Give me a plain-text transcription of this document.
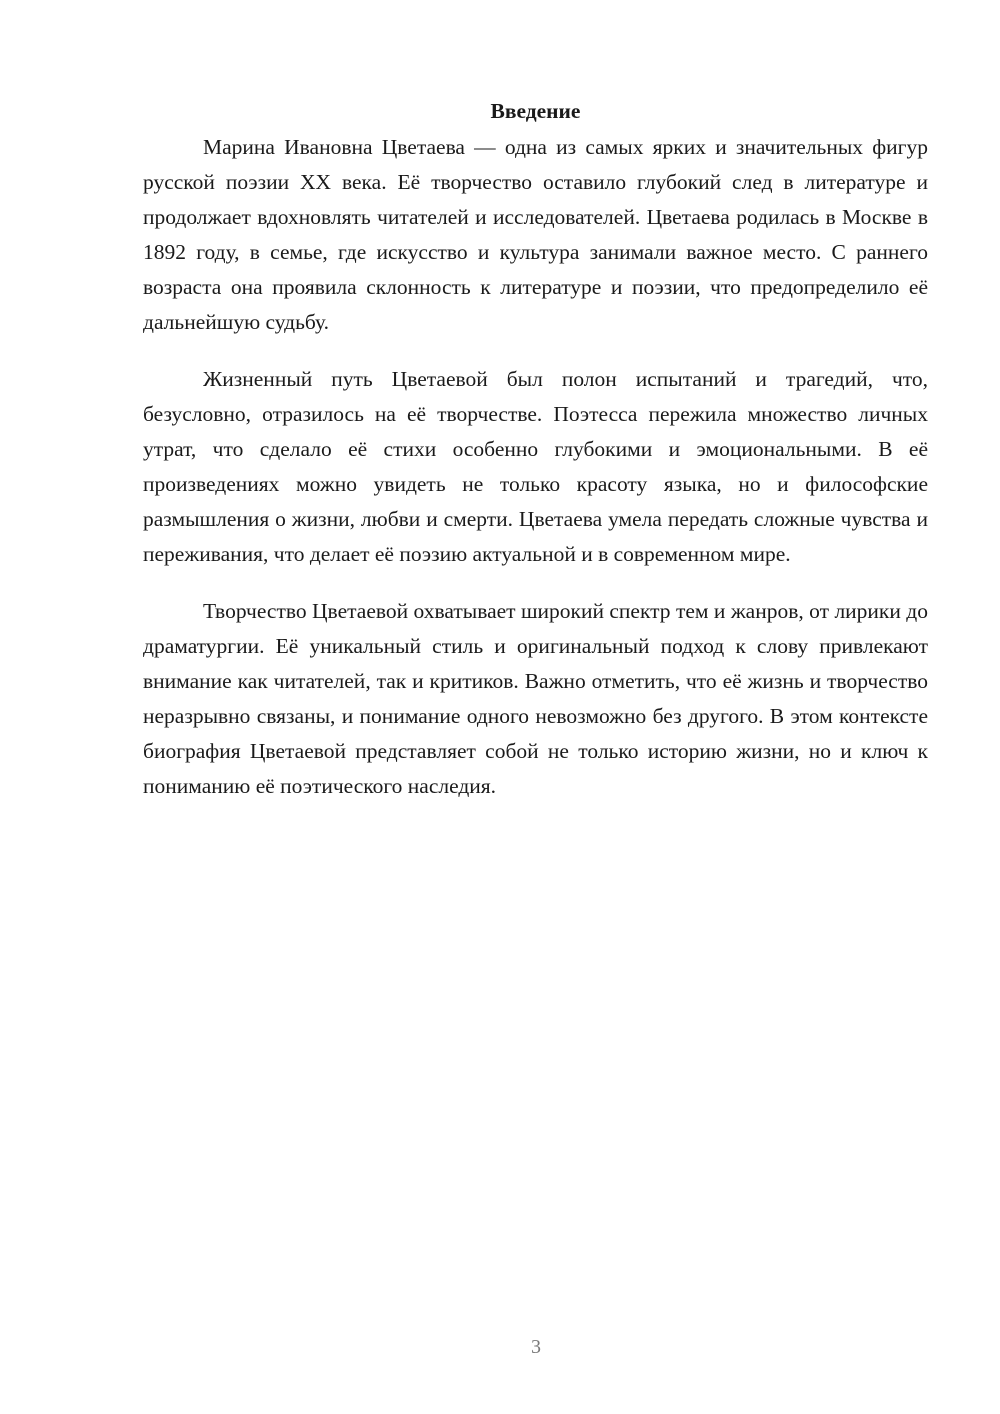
Введение

Марина Ивановна Цветаева — одна из самых ярких и значительных фигур русской поэзии XX века. Её творчество оставило глубокий след в литературе и продолжает вдохновлять читателей и исследователей. Цветаева родилась в Москве в 1892 году, в семье, где искусство и культура занимали важное место. С раннего возраста она проявила склонность к литературе и поэзии, что предопределило её дальнейшую судьбу.

Жизненный путь Цветаевой был полон испытаний и трагедий, что, безусловно, отразилось на её творчестве. Поэтесса пережила множество личных утрат, что сделало её стихи особенно глубокими и эмоциональными. В её произведениях можно увидеть не только красоту языка, но и философские размышления о жизни, любви и смерти. Цветаева умела передать сложные чувства и переживания, что делает её поэзию актуальной и в современном мире.

Творчество Цветаевой охватывает широкий спектр тем и жанров, от лирики до драматургии. Её уникальный стиль и оригинальный подход к слову привлекают внимание как читателей, так и критиков. Важно отметить, что её жизнь и творчество неразрывно связаны, и понимание одного невозможно без другого. В этом контексте биография Цветаевой представляет собой не только историю жизни, но и ключ к пониманию её поэтического наследия.

3
